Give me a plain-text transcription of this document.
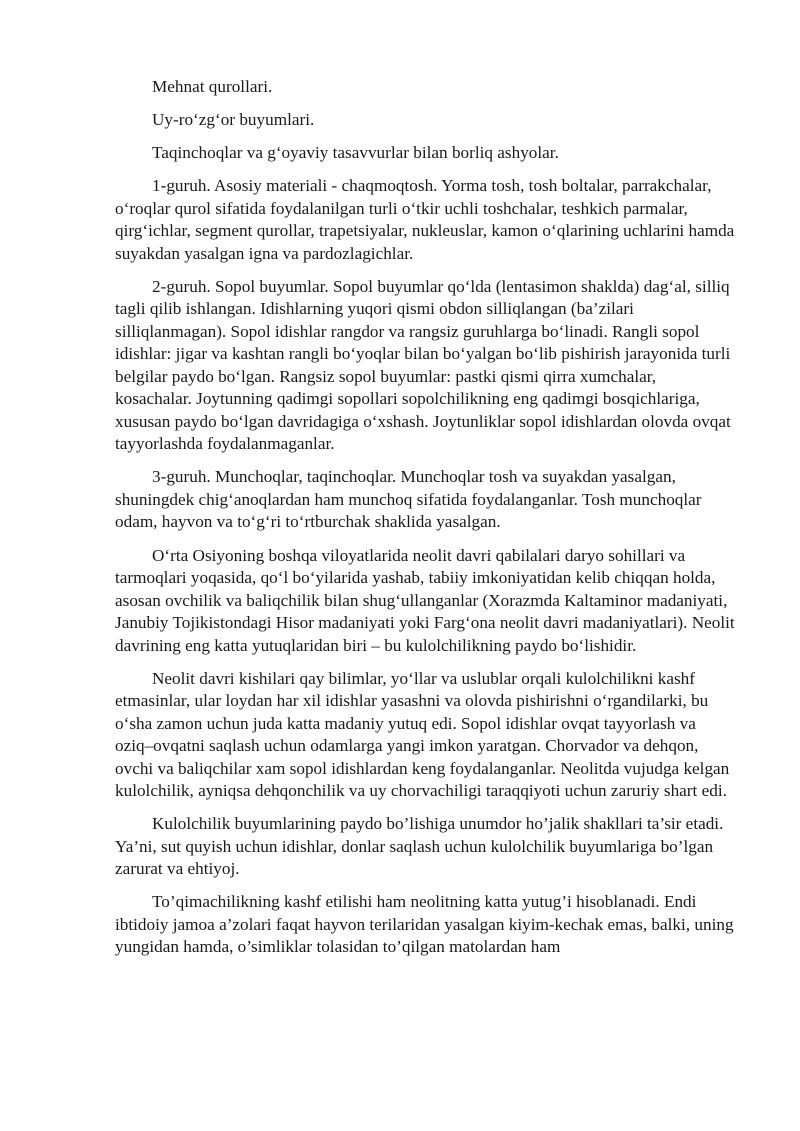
Mehnat qurollari.

Uy-ro‘zg‘or buyumlari.

Taqinchoqlar va g‘oyaviy tasavvurlar bilan borliq ashyolar.

1-guruh. Asosiy materiali - chaqmoqtosh. Yorma tosh, tosh boltalar, parrakchalar, o‘roqlar qurol sifatida foydalanilgan turli o‘tkir uchli toshchalar, teshkich parmalar, qirg‘ichlar, segment qurollar, trapetsiyalar, nukleuslar, kamon o‘qlarining uchlarini hamda suyakdan yasalgan igna va pardozlagichlar.

2-guruh. Sopol buyumlar. Sopol buyumlar qo‘lda (lentasimon shaklda) dag‘al, silliq tagli qilib ishlangan. Idishlarning yuqori qismi obdon silliqlangan (ba’zilari silliqlanmagan). Sopol idishlar rangdor va rangsiz guruhlarga bo‘linadi. Rangli sopol idishlar: jigar va kashtan rangli bo‘yoqlar bilan bo‘yalgan bo‘lib pishirish jarayonida turli belgilar paydo bo‘lgan. Rangsiz sopol buyumlar: pastki qismi qirra xumchalar, kosachalar. Joytunning qadimgi sopollari sopolchilikning eng qadimgi bosqichlariga, xususan paydo bo‘lgan davridagiga o‘xshash. Joytunliklar sopol idishlardan olovda ovqat tayyorlashda foydalanmaganlar.

3-guruh. Munchoqlar, taqinchoqlar. Munchoqlar tosh va suyakdan yasalgan, shuningdek chig‘anoqlardan ham munchoq sifatida foydalanganlar. Tosh munchoqlar odam, hayvon va to‘g‘ri to‘rtburchak shaklida yasalgan.

O‘rta Osiyoning boshqa viloyatlarida neolit davri qabilalari daryo sohillari va tarmoqlari yoqasida, qo‘l bo‘yilarida yashab, tabiiy imkoniyatidan kelib chiqqan holda, asosan ovchilik va baliqchilik bilan shug‘ullanganlar (Xorazmda Kaltaminor madaniyati, Janubiy Tojikistondagi Hisor madaniyati yoki Farg‘ona neolit davri madaniyatlari). Neolit davrining eng katta yutuqlaridan biri – bu kulolchilikning paydo bo‘lishidir.

Neolit davri kishilari qay bilimlar, yo‘llar va uslublar orqali kulolchilikni kashf etmasinlar, ular loydan har xil idishlar yasashni va olovda pishirishni o‘rgandilarki, bu o‘sha zamon uchun juda katta madaniy yutuq edi. Sopol idishlar ovqat tayyorlash va oziq–ovqatni saqlash uchun odamlarga yangi imkon yaratgan. Chorvador va dehqon, ovchi va baliqchilar xam sopol idishlardan keng foydalanganlar. Neolitda vujudga kelgan kulolchilik, ayniqsa dehqonchilik va uy chorvachiligi taraqqiyoti uchun zaruriy shart edi.

Kulolchilik buyumlarining paydo bo’lishiga unumdor ho’jalik shakllari ta’sir etadi. Ya’ni, sut quyish uchun idishlar, donlar saqlash uchun kulolchilik buyumlariga bo’lgan zarurat va ehtiyoj.

To’qimachilikning kashf etilishi ham neolitning katta yutug’i hisoblanadi. Endi ibtidoiy jamoa a’zolari faqat hayvon terilaridan yasalgan kiyim-kechak emas, balki, uning yungidan hamda, o’simliklar tolasidan to’qilgan matolardan ham
